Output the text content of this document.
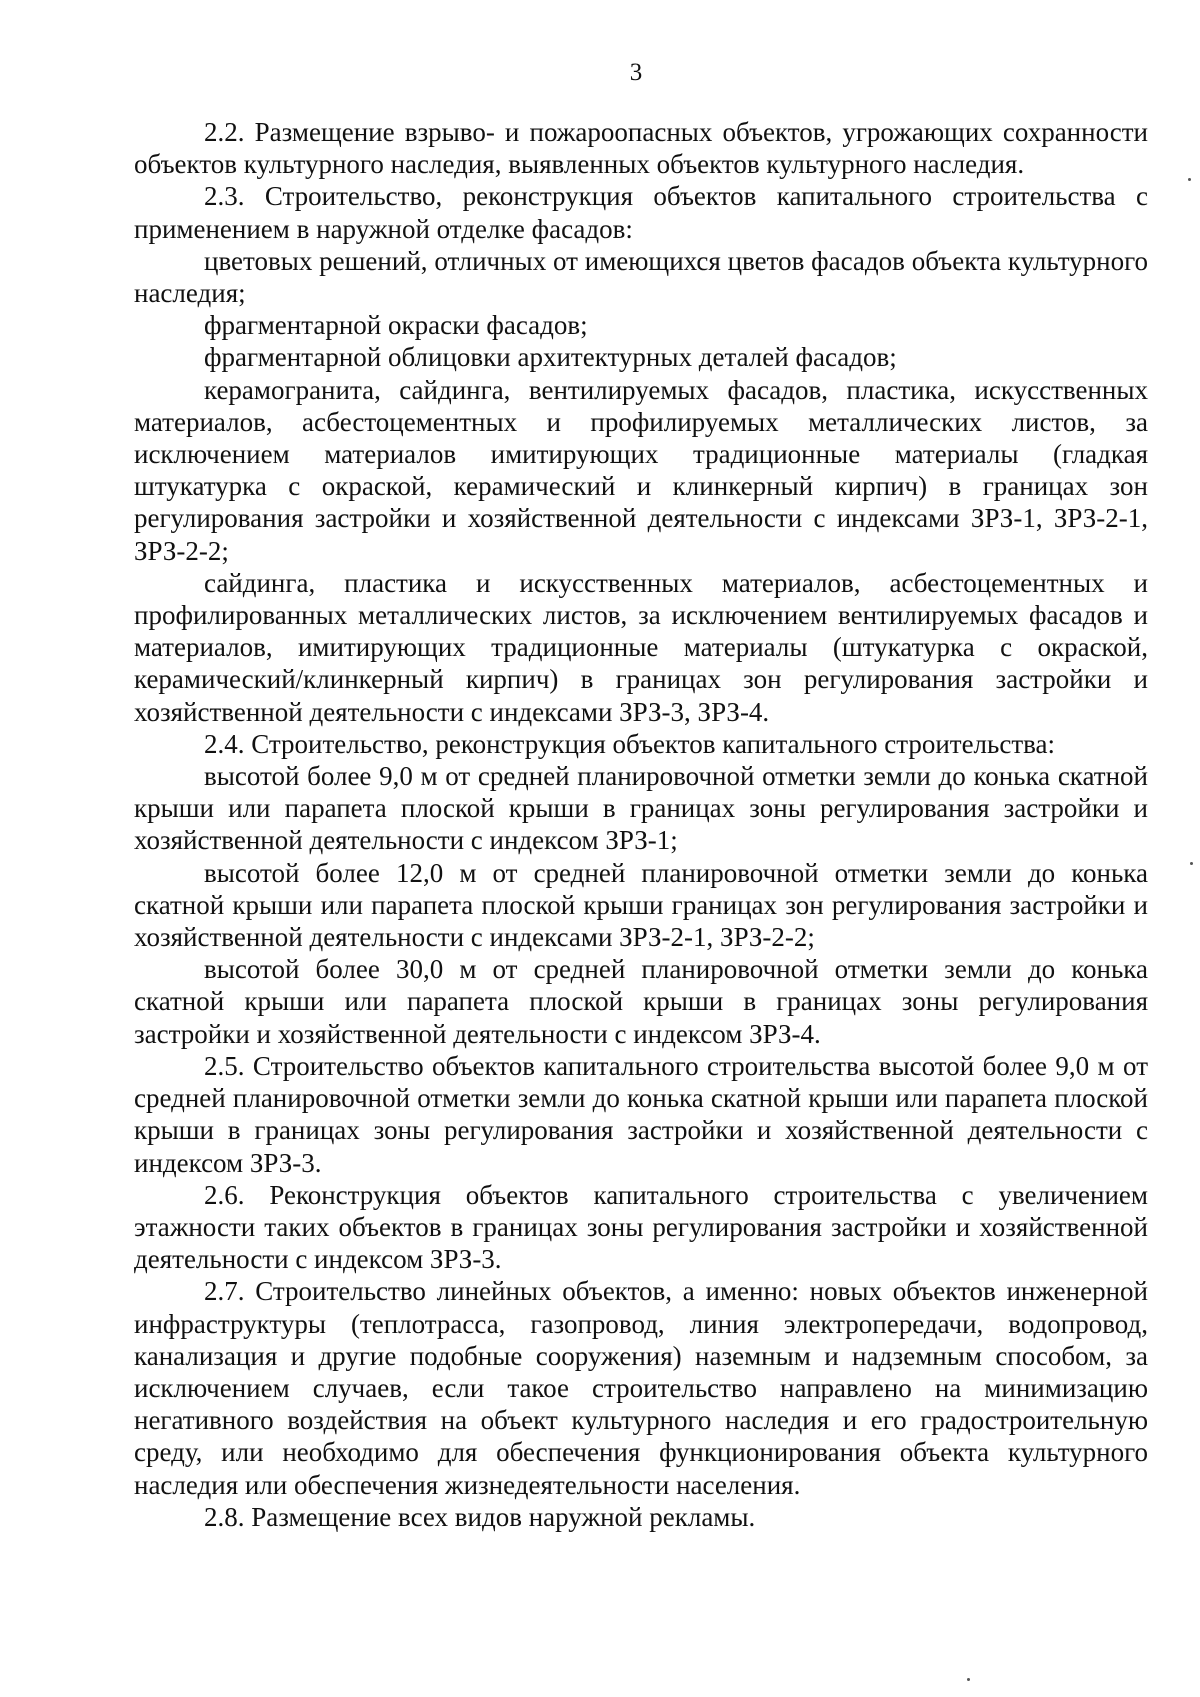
3

2.2. Размещение взрыво- и пожароопасных объектов, угрожающих сохранности объектов культурного наследия, выявленных объектов культурного наследия.

2.3. Строительство, реконструкция объектов капитального строительства с применением в наружной отделке фасадов:

цветовых решений, отличных от имеющихся цветов фасадов объекта культурного наследия;

фрагментарной окраски фасадов;

фрагментарной облицовки архитектурных деталей фасадов;

керамогранита, сайдинга, вентилируемых фасадов, пластика, искусственных материалов, асбестоцементных и профилируемых металлических листов, за исключением материалов имитирующих традиционные материалы (гладкая штукатурка с окраской, керамический и клинкерный кирпич) в границах зон регулирования застройки и хозяйственной деятельности с индексами ЗРЗ-1, ЗРЗ-2-1, ЗРЗ-2-2;

сайдинга, пластика и искусственных материалов, асбестоцементных и профилированных металлических листов, за исключением вентилируемых фасадов и материалов, имитирующих традиционные материалы (штукатурка с окраской, керамический/клинкерный кирпич) в границах зон регулирования застройки и хозяйственной деятельности с индексами ЗРЗ-3, ЗРЗ-4.

2.4. Строительство, реконструкция объектов капитального строительства:

высотой более 9,0 м от средней планировочной отметки земли до конька скатной крыши или парапета плоской крыши в границах зоны регулирования застройки и хозяйственной деятельности с индексом ЗРЗ-1;

высотой более 12,0 м от средней планировочной отметки земли до конька скатной крыши или парапета плоской крыши границах зон регулирования застройки и хозяйственной деятельности с индексами ЗРЗ-2-1, ЗРЗ-2-2;

высотой более 30,0 м от средней планировочной отметки земли до конька скатной крыши или парапета плоской крыши в границах зоны регулирования застройки и хозяйственной деятельности с индексом ЗРЗ-4.

2.5. Строительство объектов капитального строительства высотой более 9,0 м от средней планировочной отметки земли до конька скатной крыши или парапета плоской крыши в границах зоны регулирования застройки и хозяйственной деятельности с индексом ЗРЗ-3.

2.6. Реконструкция объектов капитального строительства с увеличением этажности таких объектов в границах зоны регулирования застройки и хозяйственной деятельности с индексом ЗРЗ-3.

2.7. Строительство линейных объектов, а именно: новых объектов инженерной инфраструктуры (теплотрасса, газопровод, линия электропередачи, водопровод, канализация и другие подобные сооружения) наземным и надземным способом, за исключением случаев, если такое строительство направлено на минимизацию негативного воздействия на объект культурного наследия и его градостроительную среду, или необходимо для обеспечения функционирования объекта культурного наследия или обеспечения жизнедеятельности населения.

2.8. Размещение всех видов наружной рекламы.
